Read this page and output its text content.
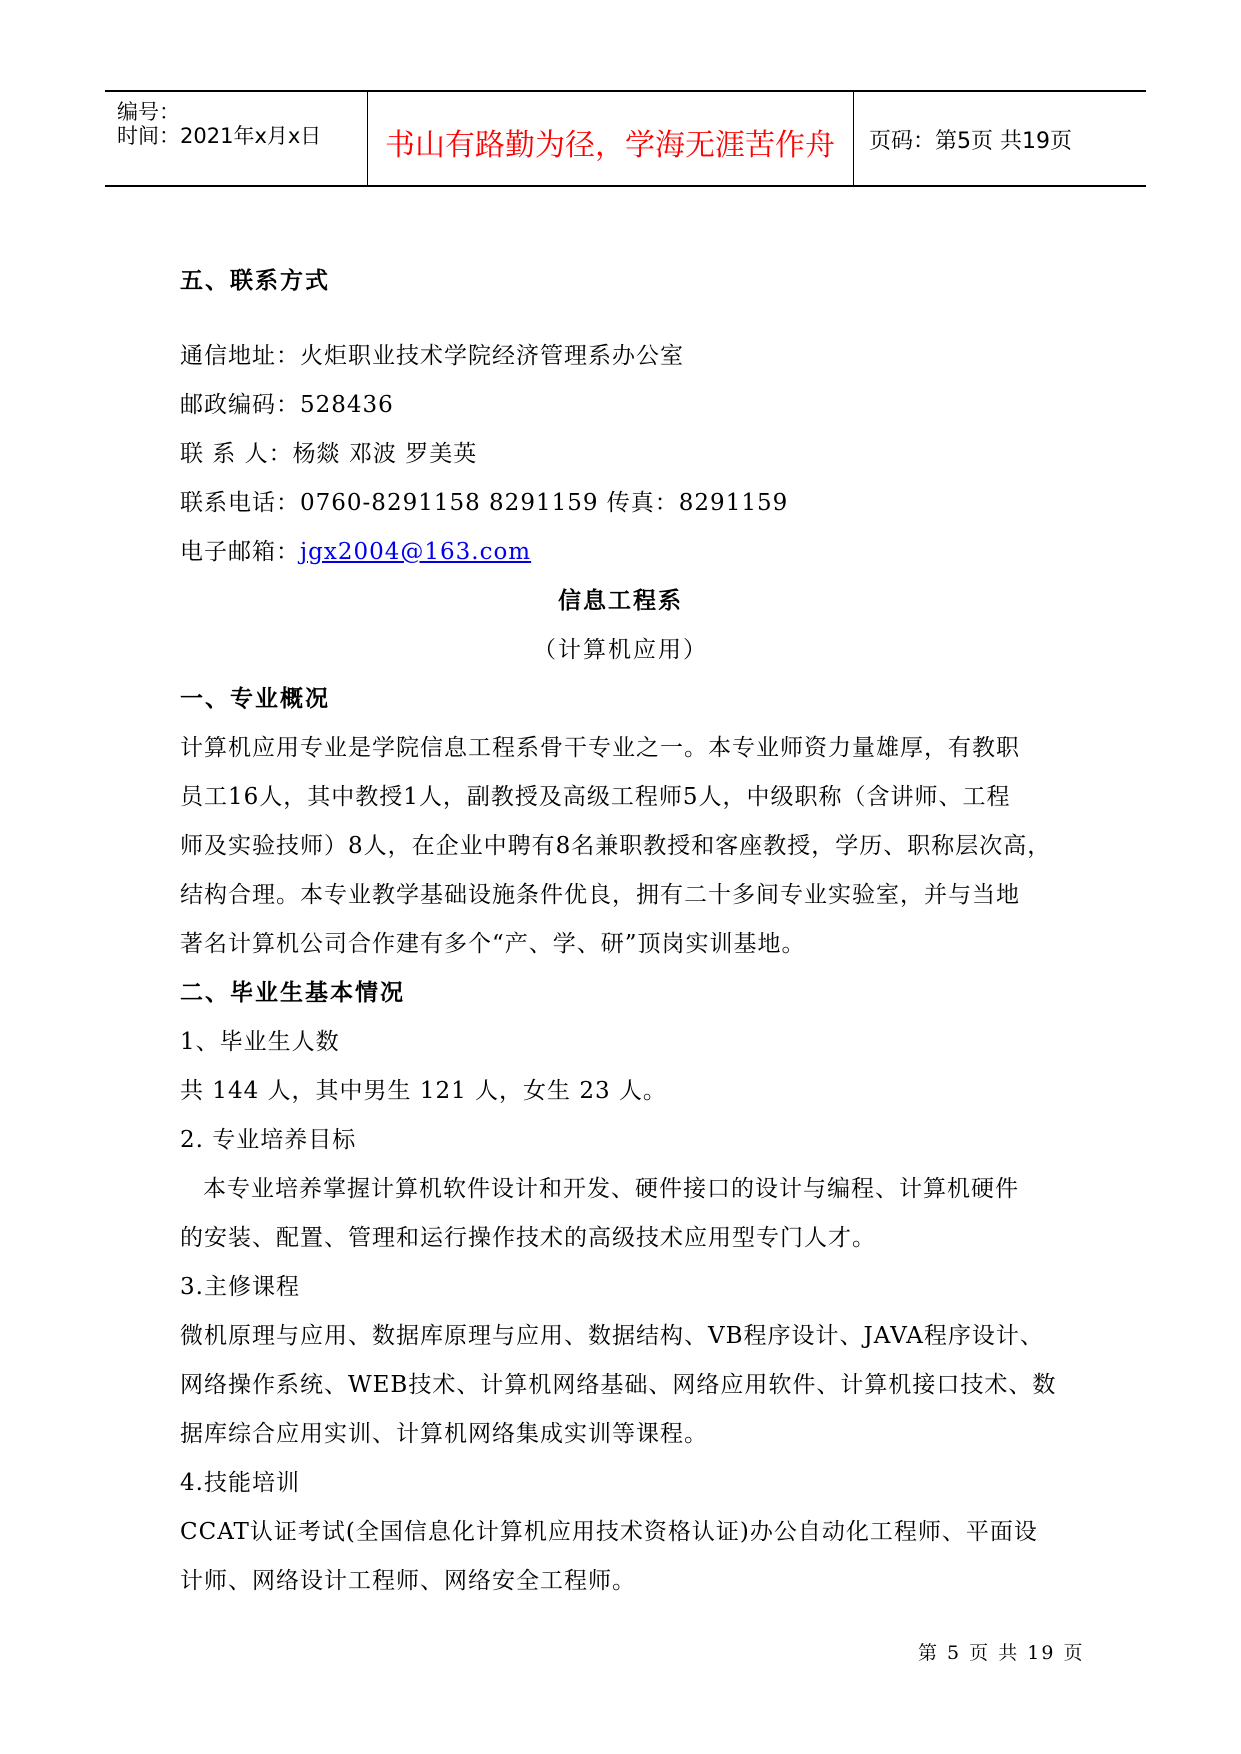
编号：
时间：2021年x月x日	书山有路勤为径，学海无涯苦作舟	页码：第5页 共19页
五、联系方式
通信地址：火炬职业技术学院经济管理系办公室
邮政编码：528436
联 系 人：杨燚 邓波 罗美英
联系电话：0760-8291158 8291159 传真：8291159
电子邮箱：jgx2004@163.com
信息工程系
（计算机应用）
一、专业概况
计算机应用专业是学院信息工程系骨干专业之一。本专业师资力量雄厚，有教职
员工16人，其中教授1人，副教授及高级工程师5人，中级职称（含讲师、工程
师及实验技师）8人，在企业中聘有8名兼职教授和客座教授，学历、职称层次高，
结构合理。本专业教学基础设施条件优良，拥有二十多间专业实验室，并与当地
著名计算机公司合作建有多个“产、学、研”顶岗实训基地。
二、毕业生基本情况
1、毕业生人数
共 144 人，其中男生 121 人，女生 23 人。
2. 专业培养目标
本专业培养掌握计算机软件设计和开发、硬件接口的设计与编程、计算机硬件
的安装、配置、管理和运行操作技术的高级技术应用型专门人才。
3.主修课程
微机原理与应用、数据库原理与应用、数据结构、VB程序设计、JAVA程序设计、
网络操作系统、WEB技术、计算机网络基础、网络应用软件、计算机接口技术、数
据库综合应用实训、计算机网络集成实训等课程。
4.技能培训
CCAT认证考试(全国信息化计算机应用技术资格认证)办公自动化工程师、平面设
计师、网络设计工程师、网络安全工程师。
第 5 页 共 19 页
